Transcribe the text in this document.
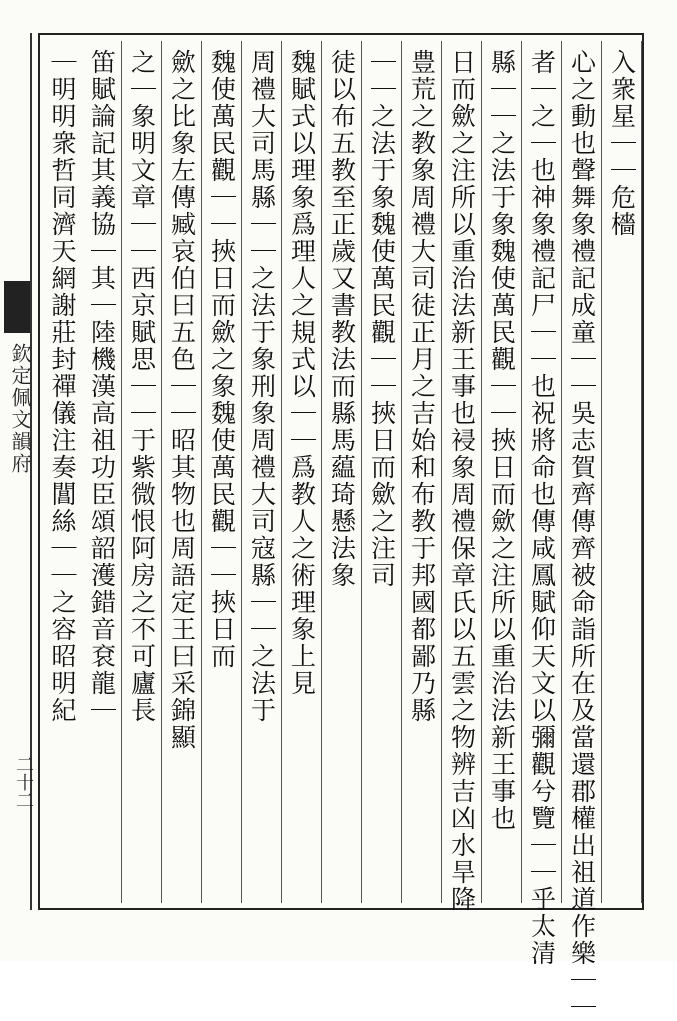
欽定佩文韻府
二十二
入衆星｜｜危檣
心之動也聲舞象禮記成童｜｜吳志賀齊傳齊被命詣所在及當還郡權出祖道作樂｜｜
者｜之｜也神象禮記尸｜｜也祝將命也傳咸鳳賦仰天文以彌觀兮覽｜｜乎太清
縣｜｜之法于象魏使萬民觀｜｜挾日而歛之注所以重治法新王事也
日而歛之注所以重治法新王事也祲象周禮保章氏以五雲之物辨吉凶水旱降
豊荒之教象周禮大司徒正月之吉始和布教于邦國都鄙乃縣
｜｜之法于象魏使萬民觀｜｜挾日而歛之注司
徒以布五教至正歲又書教法而縣馬藴琦懸法象
魏賦式以理象爲理人之規式以｜｜爲教人之術理象上見
周禮大司馬縣｜｜之法于象刑象周禮大司寇縣｜｜之法于
魏使萬民觀｜｜挾日而歛之象魏使萬民觀｜｜挾日而
歛之比象左傳臧哀伯曰五色｜｜昭其物也周語定王曰采錦顯
之｜象明文章｜｜西京賦思｜｜于紫微恨阿房之不可廬長
笛賦論記其義協｜其｜陸機漢高祖功臣頌韶濩錯音袞龍｜
｜明明衆哲同濟天網謝莊封禪儀注奏閶絲｜｜之容昭明紀
